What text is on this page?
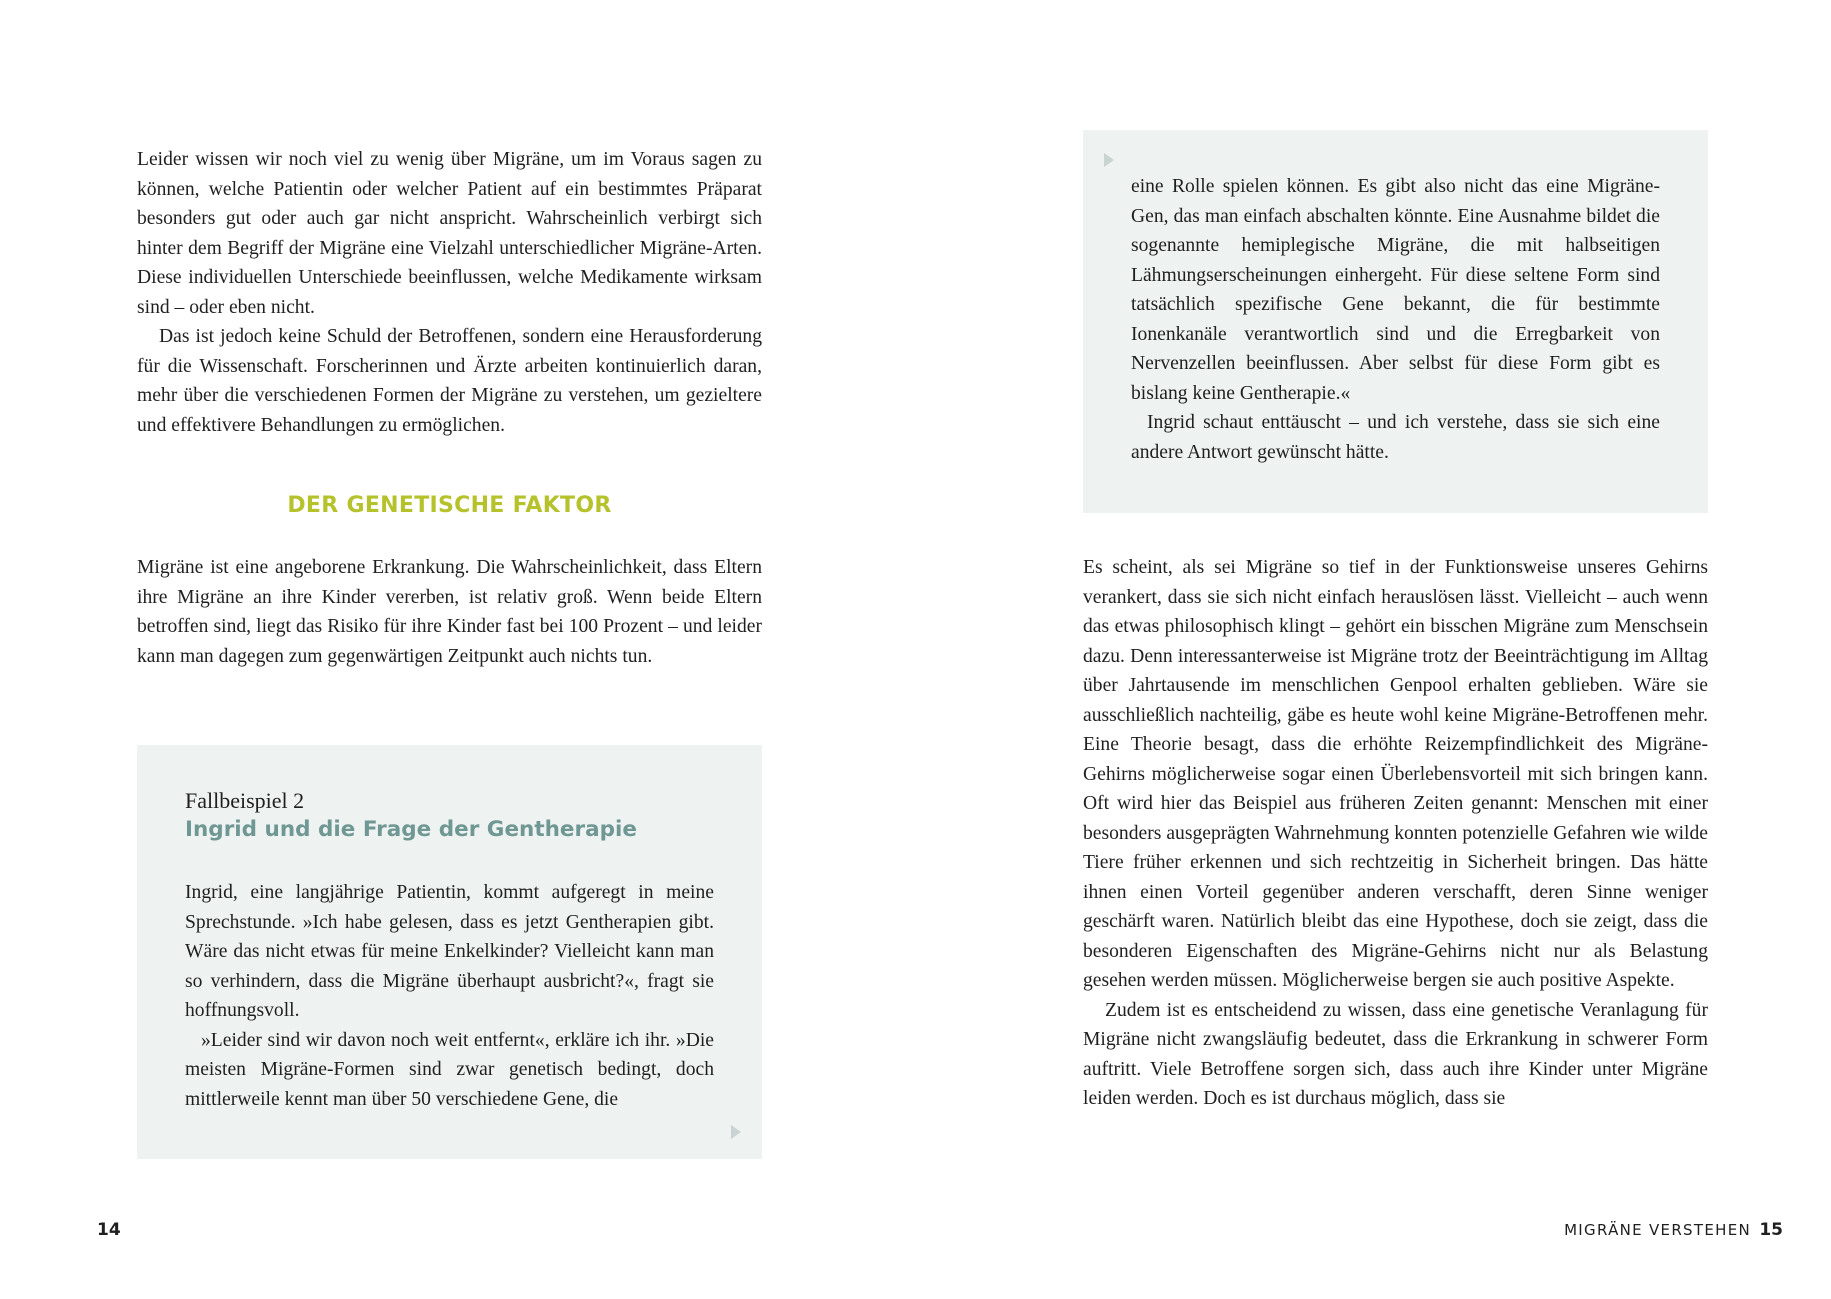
Leider wissen wir noch viel zu wenig über Migräne, um im Voraus sagen zu können, welche Patientin oder welcher Patient auf ein bestimmtes Präparat besonders gut oder auch gar nicht anspricht. Wahrscheinlich verbirgt sich hinter dem Begriff der Migräne eine Vielzahl unterschiedlicher Migräne-Arten. Diese individuellen Unterschiede beeinflussen, welche Medikamente wirksam sind – oder eben nicht.

Das ist jedoch keine Schuld der Betroffenen, sondern eine Herausforderung für die Wissenschaft. Forscherinnen und Ärzte arbeiten kontinuierlich daran, mehr über die verschiedenen Formen der Migräne zu verstehen, um gezieltere und effektivere Behandlungen zu ermöglichen.

DER GENETISCHE FAKTOR

Migräne ist eine angeborene Erkrankung. Die Wahrscheinlichkeit, dass Eltern ihre Migräne an ihre Kinder vererben, ist relativ groß. Wenn beide Eltern betroffen sind, liegt das Risiko für ihre Kinder fast bei 100 Prozent – und leider kann man dagegen zum gegenwärtigen Zeitpunkt auch nichts tun.

Fallbeispiel 2
Ingrid und die Frage der Gentherapie

Ingrid, eine langjährige Patientin, kommt aufgeregt in meine Sprechstunde. »Ich habe gelesen, dass es jetzt Gentherapien gibt. Wäre das nicht etwas für meine Enkelkinder? Vielleicht kann man so verhindern, dass die Migräne überhaupt ausbricht?«, fragt sie hoffnungsvoll.

»Leider sind wir davon noch weit entfernt«, erkläre ich ihr. »Die meisten Migräne-Formen sind zwar genetisch bedingt, doch mittlerweile kennt man über 50 verschiedene Gene, die

14

eine Rolle spielen können. Es gibt also nicht das eine Migräne-Gen, das man einfach abschalten könnte. Eine Ausnahme bildet die sogenannte hemiplegische Migräne, die mit halbseitigen Lähmungserscheinungen einhergeht. Für diese seltene Form sind tatsächlich spezifische Gene bekannt, die für bestimmte Ionenkanäle verantwortlich sind und die Erregbarkeit von Nervenzellen beeinflussen. Aber selbst für diese Form gibt es bislang keine Gentherapie.«

Ingrid schaut enttäuscht – und ich verstehe, dass sie sich eine andere Antwort gewünscht hätte.

Es scheint, als sei Migräne so tief in der Funktionsweise unseres Gehirns verankert, dass sie sich nicht einfach herauslösen lässt. Vielleicht – auch wenn das etwas philosophisch klingt – gehört ein bisschen Migräne zum Menschsein dazu. Denn interessanterweise ist Migräne trotz der Beeinträchtigung im Alltag über Jahrtausende im menschlichen Genpool erhalten geblieben. Wäre sie ausschließlich nachteilig, gäbe es heute wohl keine Migräne-Betroffenen mehr. Eine Theorie besagt, dass die erhöhte Reizempfindlichkeit des Migräne-Gehirns möglicherweise sogar einen Überlebensvorteil mit sich bringen kann. Oft wird hier das Beispiel aus früheren Zeiten genannt: Menschen mit einer besonders ausgeprägten Wahrnehmung konnten potenzielle Gefahren wie wilde Tiere früher erkennen und sich rechtzeitig in Sicherheit bringen. Das hätte ihnen einen Vorteil gegenüber anderen verschafft, deren Sinne weniger geschärft waren. Natürlich bleibt das eine Hypothese, doch sie zeigt, dass die besonderen Eigenschaften des Migräne-Gehirns nicht nur als Belastung gesehen werden müssen. Möglicherweise bergen sie auch positive Aspekte.

Zudem ist es entscheidend zu wissen, dass eine genetische Veranlagung für Migräne nicht zwangsläufig bedeutet, dass die Erkrankung in schwerer Form auftritt. Viele Betroffene sorgen sich, dass auch ihre Kinder unter Migräne leiden werden. Doch es ist durchaus möglich, dass sie

MIGRÄNE VERSTEHEN 15
